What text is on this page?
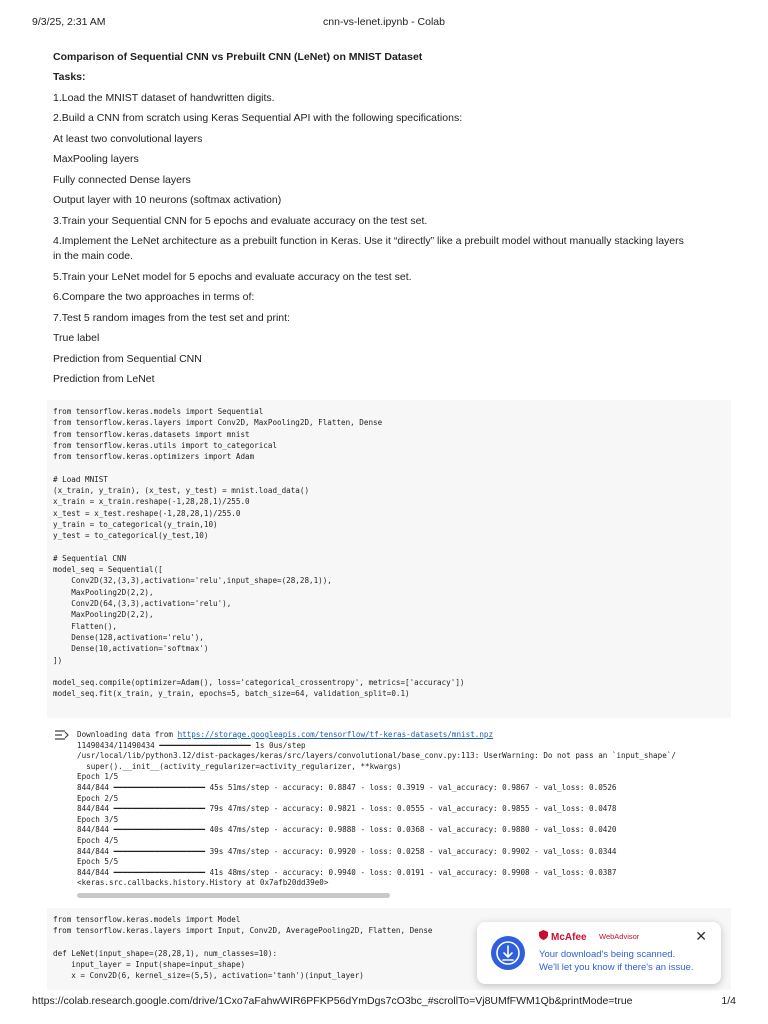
9/3/25, 2:31 AM	cnn-vs-lenet.ipynb - Colab

Comparison of Sequential CNN vs Prebuilt CNN (LeNet) on MNIST Dataset

Tasks:

1.Load the MNIST dataset of handwritten digits.

2.Build a CNN from scratch using Keras Sequential API with the following specifications:

At least two convolutional layers

MaxPooling layers

Fully connected Dense layers

Output layer with 10 neurons (softmax activation)

3.Train your Sequential CNN for 5 epochs and evaluate accuracy on the test set.

4.Implement the LeNet architecture as a prebuilt function in Keras. Use it “directly” like a prebuilt model without manually stacking layers

in the main code.

5.Train your LeNet model for 5 epochs and evaluate accuracy on the test set.

6.Compare the two approaches in terms of:

7.Test 5 random images from the test set and print:

True label

Prediction from Sequential CNN

Prediction from LeNet

from tensorflow.keras.models import Sequential
from tensorflow.keras.layers import Conv2D, MaxPooling2D, Flatten, Dense
from tensorflow.keras.datasets import mnist
from tensorflow.keras.utils import to_categorical
from tensorflow.keras.optimizers import Adam

# Load MNIST
(x_train, y_train), (x_test, y_test) = mnist.load_data()
x_train = x_train.reshape(-1,28,28,1)/255.0
x_test = x_test.reshape(-1,28,28,1)/255.0
y_train = to_categorical(y_train,10)
y_test = to_categorical(y_test,10)

# Sequential CNN
model_seq = Sequential([
Conv2D(32,(3,3),activation='relu',input_shape=(28,28,1)),
MaxPooling2D(2,2),
Conv2D(64,(3,3),activation='relu'),
MaxPooling2D(2,2),
Flatten(),
Dense(128,activation='relu'),
Dense(10,activation='softmax')
])

model_seq.compile(optimizer=Adam(), loss='categorical_crossentropy', metrics=['accuracy'])
model_seq.fit(x_train, y_train, epochs=5, batch_size=64, validation_split=0.1)
Downloading data from https://storage.googleapis.com/tensorflow/tf-keras-datasets/mnist.npz
11490434/11490434 ━━━━━━━━━━━━━━━━━━━━ 1s 0us/step
/usr/local/lib/python3.12/dist-packages/keras/src/layers/convolutional/base_conv.py:113: UserWarning: Do not pass an `input_shape`/
super().__init__(activity_regularizer=activity_regularizer, **kwargs)
Epoch 1/5
844/844 ━━━━━━━━━━━━━━━━━━━━ 45s 51ms/step - accuracy: 0.8847 - loss: 0.3919 - val_accuracy: 0.9867 - val_loss: 0.0526
Epoch 2/5
844/844 ━━━━━━━━━━━━━━━━━━━━ 79s 47ms/step - accuracy: 0.9821 - loss: 0.0555 - val_accuracy: 0.9855 - val_loss: 0.0478
Epoch 3/5
844/844 ━━━━━━━━━━━━━━━━━━━━ 40s 47ms/step - accuracy: 0.9888 - loss: 0.0368 - val_accuracy: 0.9880 - val_loss: 0.0420
Epoch 4/5
844/844 ━━━━━━━━━━━━━━━━━━━━ 39s 47ms/step - accuracy: 0.9920 - loss: 0.0258 - val_accuracy: 0.9902 - val_loss: 0.0344
Epoch 5/5
844/844 ━━━━━━━━━━━━━━━━━━━━ 41s 48ms/step - accuracy: 0.9940 - loss: 0.0191 - val_accuracy: 0.9908 - val_loss: 0.0387
<keras.src.callbacks.history.History at 0x7afb20dd39e0>
from tensorflow.keras.models import Model
from tensorflow.keras.layers import Input, Conv2D, AveragePooling2D, Flatten, Dense

def LeNet(input_shape=(28,28,1), num_classes=10):
input_layer = Input(shape=input_shape)
x = Conv2D(6, kernel_size=(5,5), activation='tanh')(input_layer)
McAfee WebAdvisor
Your download's being scanned.
We'll let you know if there's an issue.
✕
https://colab.research.google.com/drive/1Cxo7aFahwWIR6PFKP56dYmDgs7cO3bc_#scrollTo=Vj8UMfFWM1Qb&printMode=true	1/4
